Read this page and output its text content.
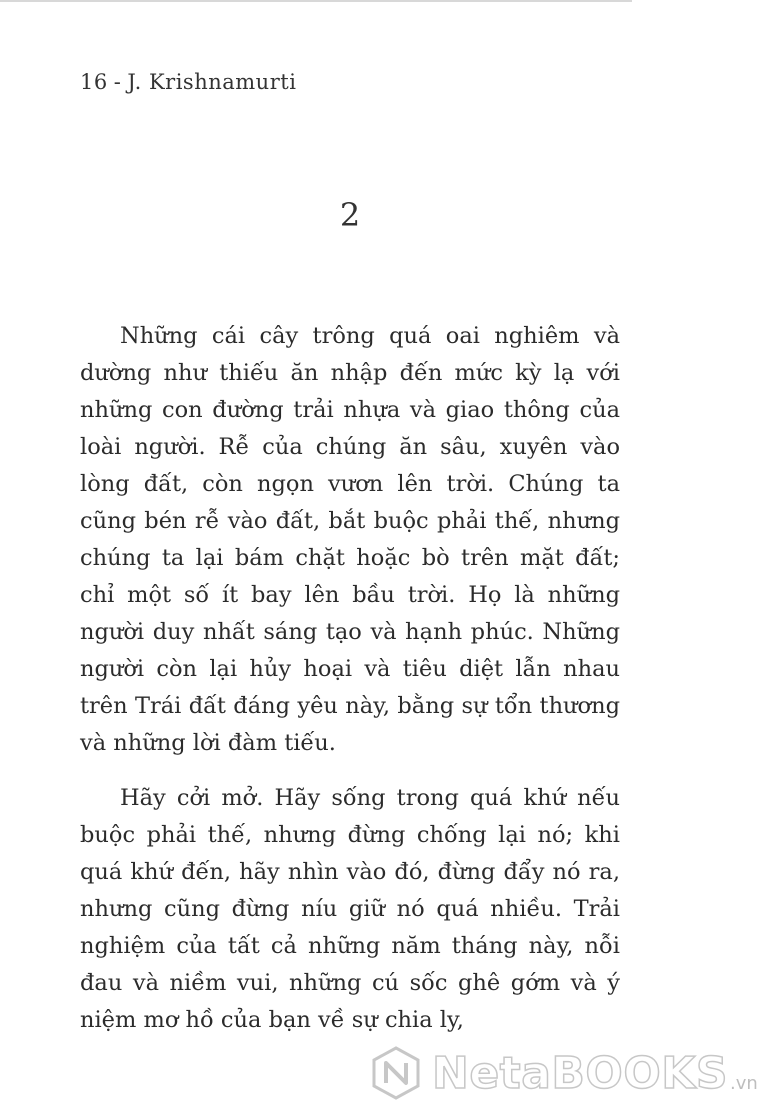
16 - J. Krishnamurti
2

Những cái cây trông quá oai nghiêm và dường như thiếu ăn nhập đến mức kỳ lạ với những con đường trải nhựa và giao thông của loài người. Rễ của chúng ăn sâu, xuyên vào lòng đất, còn ngọn vươn lên trời. Chúng ta cũng bén rễ vào đất, bắt buộc phải thế, nhưng chúng ta lại bám chặt hoặc bò trên mặt đất; chỉ một số ít bay lên bầu trời. Họ là những người duy nhất sáng tạo và hạnh phúc. Những người còn lại hủy hoại và tiêu diệt lẫn nhau trên Trái đất đáng yêu này, bằng sự tổn thương và những lời đàm tiếu.

Hãy cởi mở. Hãy sống trong quá khứ nếu buộc phải thế, nhưng đừng chống lại nó; khi quá khứ đến, hãy nhìn vào đó, đừng đẩy nó ra, nhưng cũng đừng níu giữ nó quá nhiều. Trải nghiệm của tất cả những năm tháng này, nỗi đau và niềm vui, những cú sốc ghê gớm và ý niệm mơ hồ của bạn về sự chia ly,

NetaBOOKS .vn
